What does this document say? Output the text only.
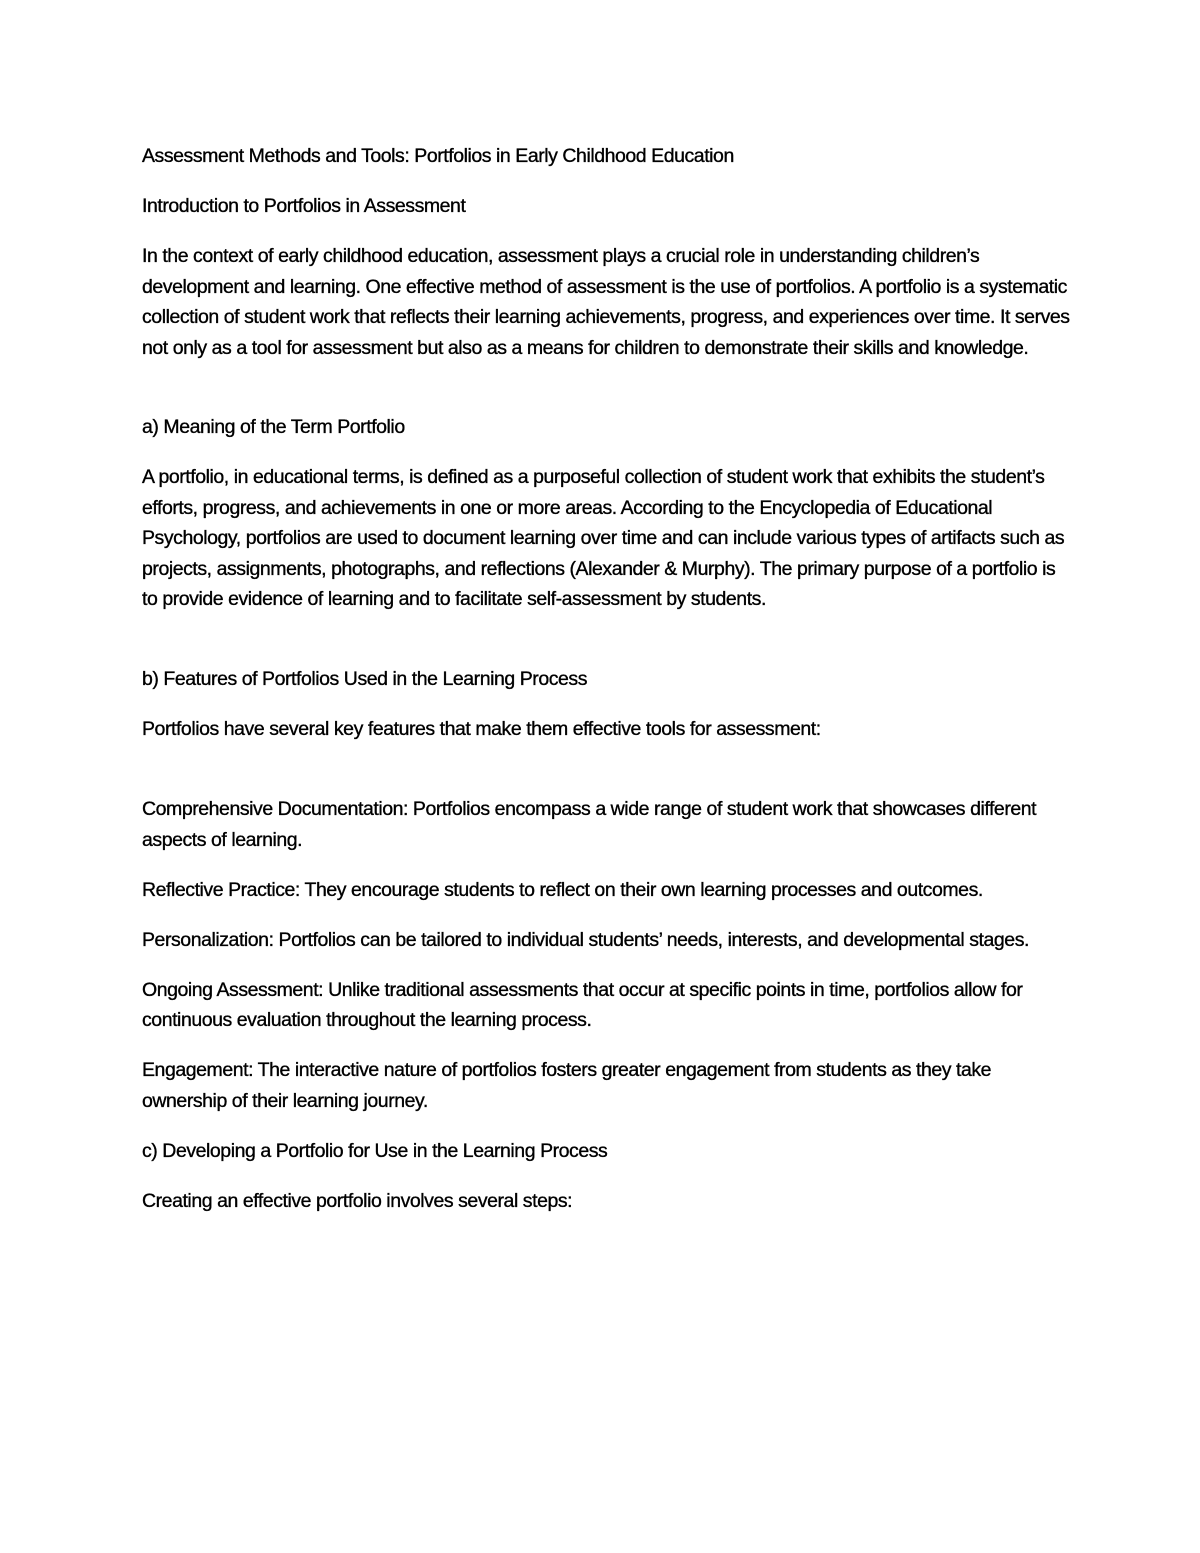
Assessment Methods and Tools: Portfolios in Early Childhood Education

Introduction to Portfolios in Assessment

In the context of early childhood education, assessment plays a crucial role in understanding children’s development and learning. One effective method of assessment is the use of portfolios. A portfolio is a systematic collection of student work that reflects their learning achievements, progress, and experiences over time. It serves not only as a tool for assessment but also as a means for children to demonstrate their skills and knowledge.

a) Meaning of the Term Portfolio

A portfolio, in educational terms, is defined as a purposeful collection of student work that exhibits the student’s efforts, progress, and achievements in one or more areas. According to the Encyclopedia of Educational Psychology, portfolios are used to document learning over time and can include various types of artifacts such as projects, assignments, photographs, and reflections (Alexander & Murphy). The primary purpose of a portfolio is to provide evidence of learning and to facilitate self-assessment by students.

b) Features of Portfolios Used in the Learning Process

Portfolios have several key features that make them effective tools for assessment:

Comprehensive Documentation: Portfolios encompass a wide range of student work that showcases different aspects of learning.

Reflective Practice: They encourage students to reflect on their own learning processes and outcomes.

Personalization: Portfolios can be tailored to individual students’ needs, interests, and developmental stages.

Ongoing Assessment: Unlike traditional assessments that occur at specific points in time, portfolios allow for continuous evaluation throughout the learning process.

Engagement: The interactive nature of portfolios fosters greater engagement from students as they take ownership of their learning journey.

c) Developing a Portfolio for Use in the Learning Process

Creating an effective portfolio involves several steps:
